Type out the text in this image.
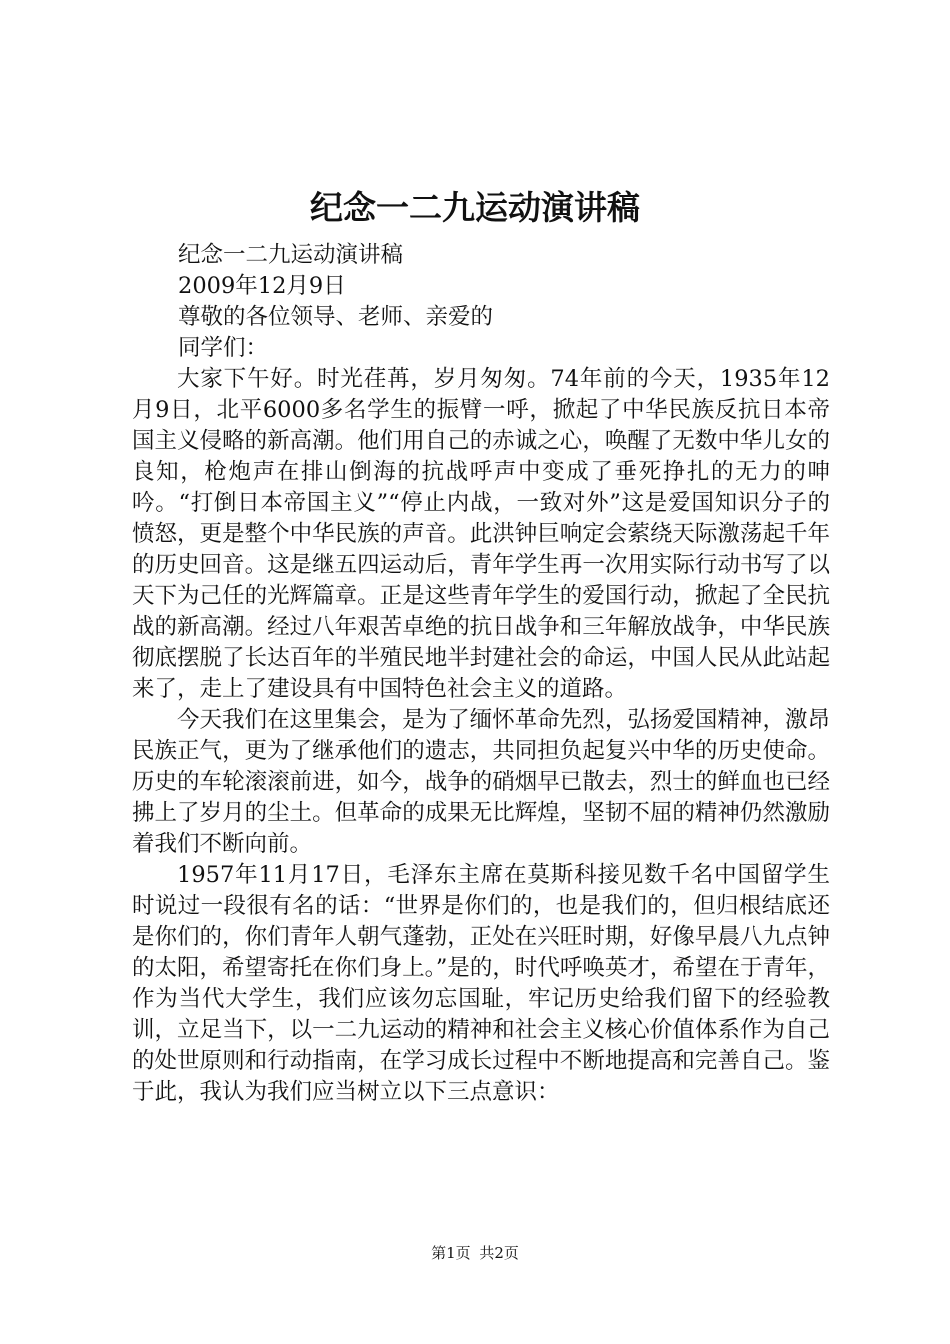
纪念一二九运动演讲稿

纪念一二九运动演讲稿

2009年12月9日

尊敬的各位领导、老师、亲爱的

同学们：

大家下午好。时光荏苒，岁月匆匆。74年前的今天，1935年12月9日，北平6000多名学生的振臂一呼，掀起了中华民族反抗日本帝国主义侵略的新高潮。他们用自己的赤诚之心，唤醒了无数中华儿女的良知，枪炮声在排山倒海的抗战呼声中变成了垂死挣扎的无力的呻吟。“打倒日本帝国主义”“停止内战，一致对外”这是爱国知识分子的愤怒，更是整个中华民族的声音。此洪钟巨响定会萦绕天际激荡起千年的历史回音。这是继五四运动后，青年学生再一次用实际行动书写了以天下为己任的光辉篇章。正是这些青年学生的爱国行动，掀起了全民抗战的新高潮。经过八年艰苦卓绝的抗日战争和三年解放战争，中华民族彻底摆脱了长达百年的半殖民地半封建社会的命运，中国人民从此站起来了，走上了建设具有中国特色社会主义的道路。

今天我们在这里集会，是为了缅怀革命先烈，弘扬爱国精神，激昂民族正气，更为了继承他们的遗志，共同担负起复兴中华的历史使命。历史的车轮滚滚前进，如今，战争的硝烟早已散去，烈士的鲜血也已经拂上了岁月的尘土。但革命的成果无比辉煌，坚韧不屈的精神仍然激励着我们不断向前。

1957年11月17日，毛泽东主席在莫斯科接见数千名中国留学生时说过一段很有名的话：“世界是你们的，也是我们的，但归根结底还是你们的，你们青年人朝气蓬勃，正处在兴旺时期，好像早晨八九点钟的太阳，希望寄托在你们身上。”是的，时代呼唤英才，希望在于青年，作为当代大学生，我们应该勿忘国耻，牢记历史给我们留下的经验教训，立足当下，以一二九运动的精神和社会主义核心价值体系作为自己的处世原则和行动指南，在学习成长过程中不断地提高和完善自己。鉴于此，我认为我们应当树立以下三点意识：

第1页 共2页
